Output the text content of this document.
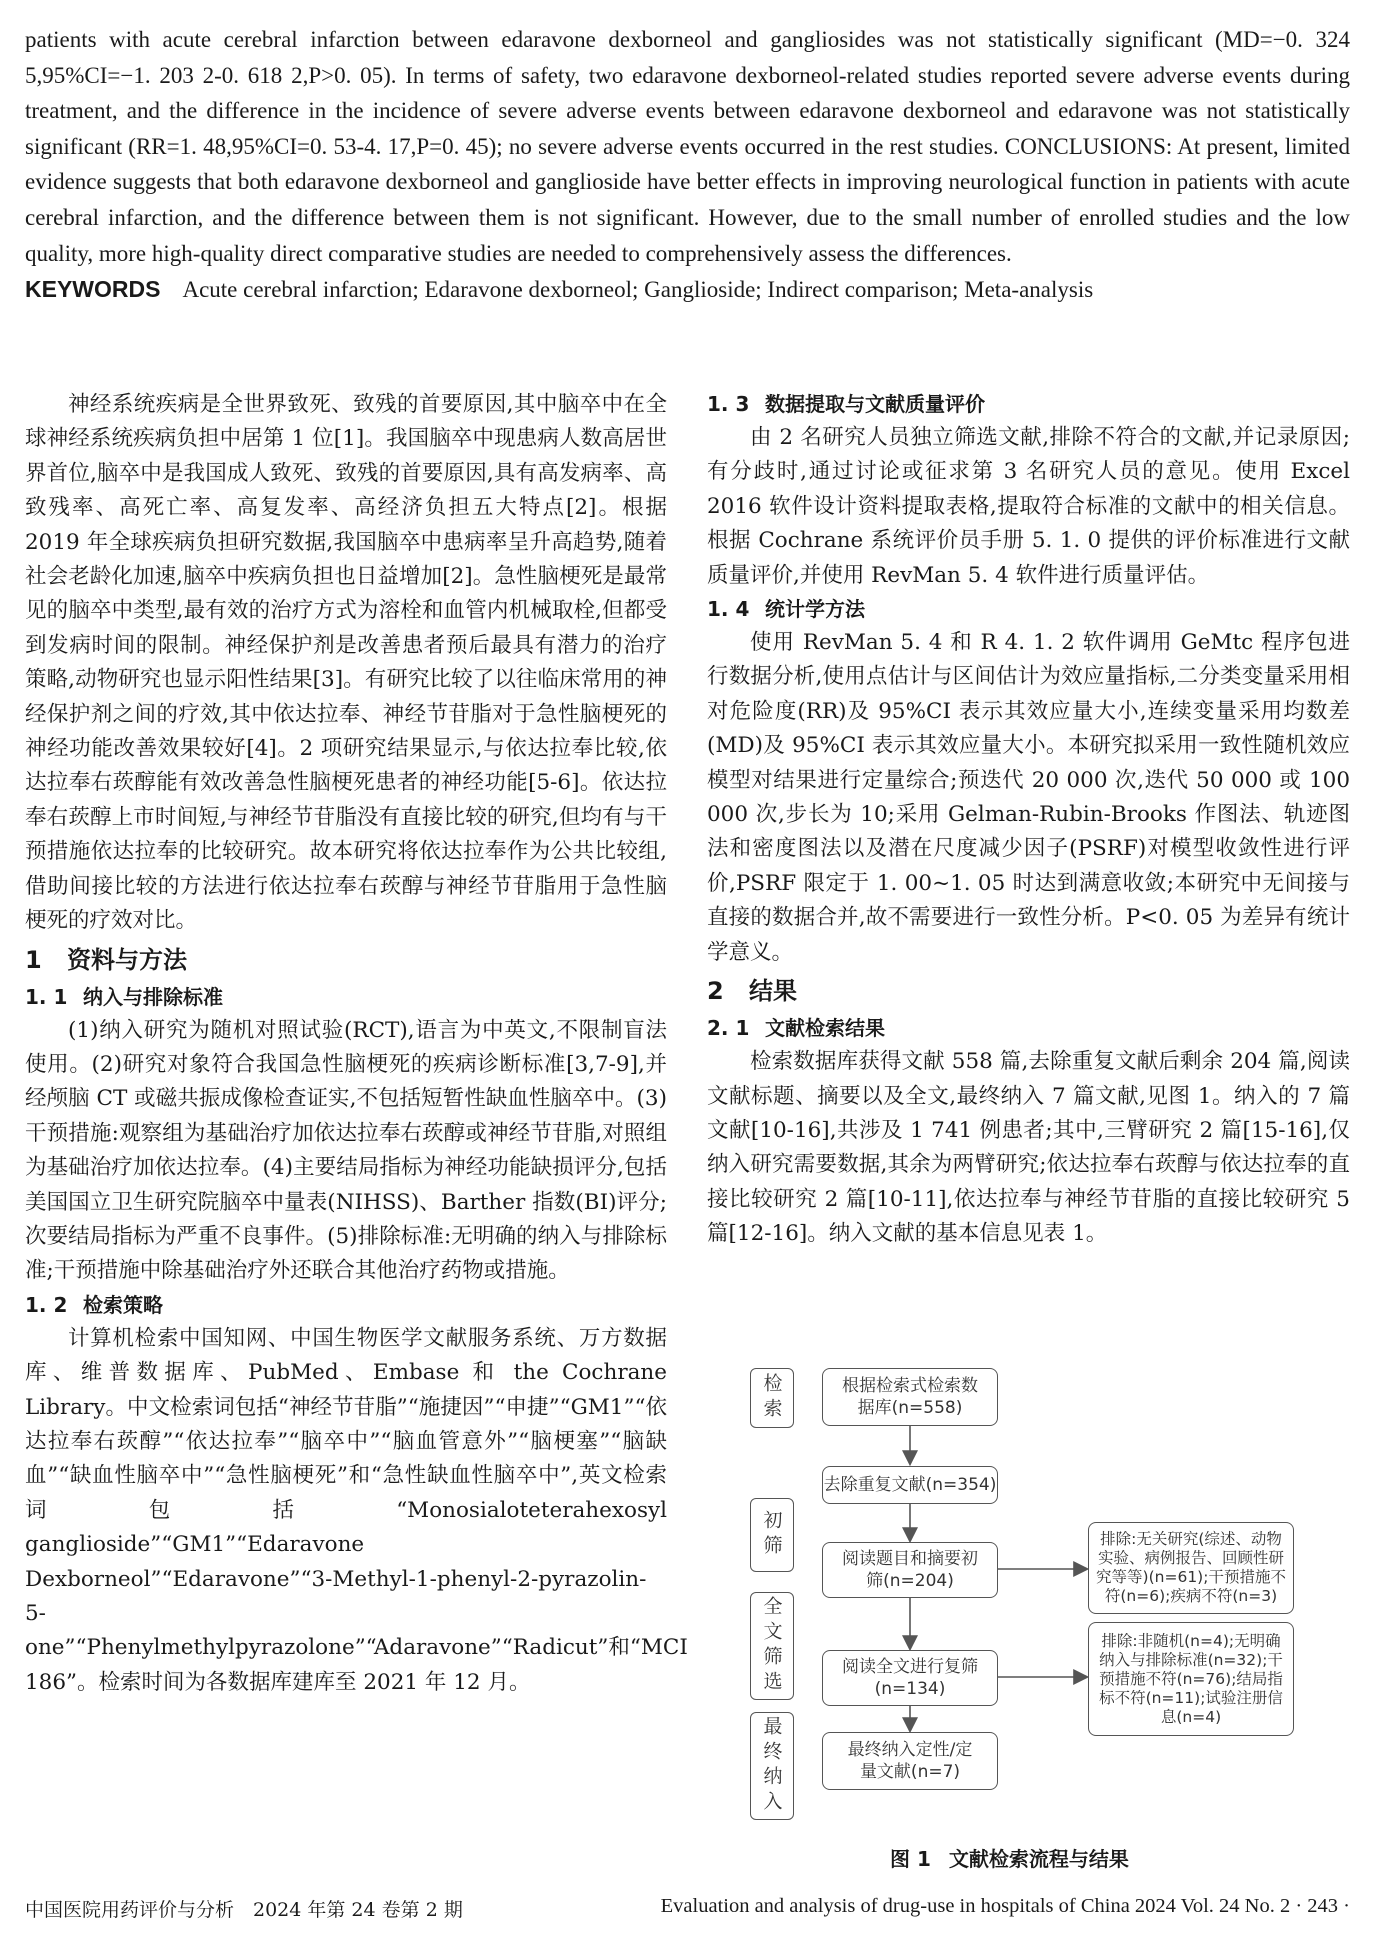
patients with acute cerebral infarction between edaravone dexborneol and gangliosides was not statistically significant (MD=−0. 324 5,95%CI=−1. 203 2-0. 618 2,P>0. 05). In terms of safety, two edaravone dexborneol-related studies reported severe adverse events during treatment, and the difference in the incidence of severe adverse events between edaravone dexborneol and edaravone was not statistically significant (RR=1. 48,95%CI=0. 53-4. 17,P=0. 45); no severe adverse events occurred in the rest studies. CONCLUSIONS: At present, limited evidence suggests that both edaravone dexborneol and ganglioside have better effects in improving neurological function in patients with acute cerebral infarction, and the difference between them is not significant. However, due to the small number of enrolled studies and the low quality, more high-quality direct comparative studies are needed to comprehensively assess the differences.

KEYWORDS Acute cerebral infarction; Edaravone dexborneol; Ganglioside; Indirect comparison; Meta-analysis

神经系统疾病是全世界致死、致残的首要原因,其中脑卒中在全球神经系统疾病负担中居第 1 位[1]。我国脑卒中现患病人数高居世界首位,脑卒中是我国成人致死、致残的首要原因,具有高发病率、高致残率、高死亡率、高复发率、高经济负担五大特点[2]。根据 2019 年全球疾病负担研究数据,我国脑卒中患病率呈升高趋势,随着社会老龄化加速,脑卒中疾病负担也日益增加[2]。急性脑梗死是最常见的脑卒中类型,最有效的治疗方式为溶栓和血管内机械取栓,但都受到发病时间的限制。神经保护剂是改善患者预后最具有潜力的治疗策略,动物研究也显示阳性结果[3]。有研究比较了以往临床常用的神经保护剂之间的疗效,其中依达拉奉、神经节苷脂对于急性脑梗死的神经功能改善效果较好[4]。2 项研究结果显示,与依达拉奉比较,依达拉奉右莰醇能有效改善急性脑梗死患者的神经功能[5-6]。依达拉奉右莰醇上市时间短,与神经节苷脂没有直接比较的研究,但均有与干预措施依达拉奉的比较研究。故本研究将依达拉奉作为公共比较组,借助间接比较的方法进行依达拉奉右莰醇与神经节苷脂用于急性脑梗死的疗效对比。

1 资料与方法
1. 1 纳入与排除标准

(1)纳入研究为随机对照试验(RCT),语言为中英文,不限制盲法使用。(2)研究对象符合我国急性脑梗死的疾病诊断标准[3,7-9],并经颅脑 CT 或磁共振成像检查证实,不包括短暂性缺血性脑卒中。(3)干预措施:观察组为基础治疗加依达拉奉右莰醇或神经节苷脂,对照组为基础治疗加依达拉奉。(4)主要结局指标为神经功能缺损评分,包括美国国立卫生研究院脑卒中量表(NIHSS)、Barther 指数(BI)评分;次要结局指标为严重不良事件。(5)排除标准:无明确的纳入与排除标准;干预措施中除基础治疗外还联合其他治疗药物或措施。

1. 2 检索策略

计算机检索中国知网、中国生物医学文献服务系统、万方数据库、维普数据库、PubMed、Embase 和 the Cochrane Library。中文检索词包括“神经节苷脂”“施捷因”“申捷”“GM1”“依达拉奉右莰醇”“依达拉奉”“脑卒中”“脑血管意外”“脑梗塞”“脑缺血”“缺血性脑卒中”“急性脑梗死”和“急性缺血性脑卒中”,英文检索词包括“Monosialoteterahexosyl ganglioside”“GM1”“Edaravone Dexborneol”“Edaravone”“3-Methyl-1-phenyl-2-pyrazolin-5-one”“Phenylmethylpyrazolone”“Adaravone”“Radicut”和“MCI 186”。检索时间为各数据库建库至 2021 年 12 月。

1. 3 数据提取与文献质量评价

由 2 名研究人员独立筛选文献,排除不符合的文献,并记录原因;有分歧时,通过讨论或征求第 3 名研究人员的意见。使用 Excel 2016 软件设计资料提取表格,提取符合标准的文献中的相关信息。根据 Cochrane 系统评价员手册 5. 1. 0 提供的评价标准进行文献质量评价,并使用 RevMan 5. 4 软件进行质量评估。

1. 4 统计学方法

使用 RevMan 5. 4 和 R 4. 1. 2 软件调用 GeMtc 程序包进行数据分析,使用点估计与区间估计为效应量指标,二分类变量采用相对危险度(RR)及 95%CI 表示其效应量大小,连续变量采用均数差(MD)及 95%CI 表示其效应量大小。本研究拟采用一致性随机效应模型对结果进行定量综合;预迭代 20 000 次,迭代 50 000 或 100 000 次,步长为 10;采用 Gelman-Rubin-Brooks 作图法、轨迹图法和密度图法以及潜在尺度减少因子(PSRF)对模型收敛性进行评价,PSRF 限定于 1. 00~1. 05 时达到满意收敛;本研究中无间接与直接的数据合并,故不需要进行一致性分析。P<0. 05 为差异有统计学意义。

2 结果
2. 1 文献检索结果

检索数据库获得文献 558 篇,去除重复文献后剩余 204 篇,阅读文献标题、摘要以及全文,最终纳入 7 篇文献,见图 1。纳入的 7 篇文献[10-16],共涉及 1 741 例患者;其中,三臂研究 2 篇[15-16],仅纳入研究需要数据,其余为两臂研究;依达拉奉右莰醇与依达拉奉的直接比较研究 2 篇[10-11],依达拉奉与神经节苷脂的直接比较研究 5 篇[12-16]。纳入文献的基本信息见表 1。

检索
初筛
全文筛选
最终纳入
根据检索式检索数据库(n=558)
去除重复文献(n=354)
阅读题目和摘要初筛(n=204)
阅读全文进行复筛(n=134)
最终纳入定性/定量文献(n=7)
排除:无关研究(综述、动物实验、病例报告、回顾性研究等等)(n=61);干预措施不符(n=6);疾病不符(n=3)
排除:非随机(n=4);无明确纳入与排除标准(n=32);干预措施不符(n=76);结局指标不符(n=11);试验注册信息(n=4)
图 1 文献检索流程与结果
中国医院用药评价与分析　2024 年第 24 卷第 2 期	Evaluation and analysis of drug-use in hospitals of China 2024 Vol. 24 No. 2 · 243 ·
